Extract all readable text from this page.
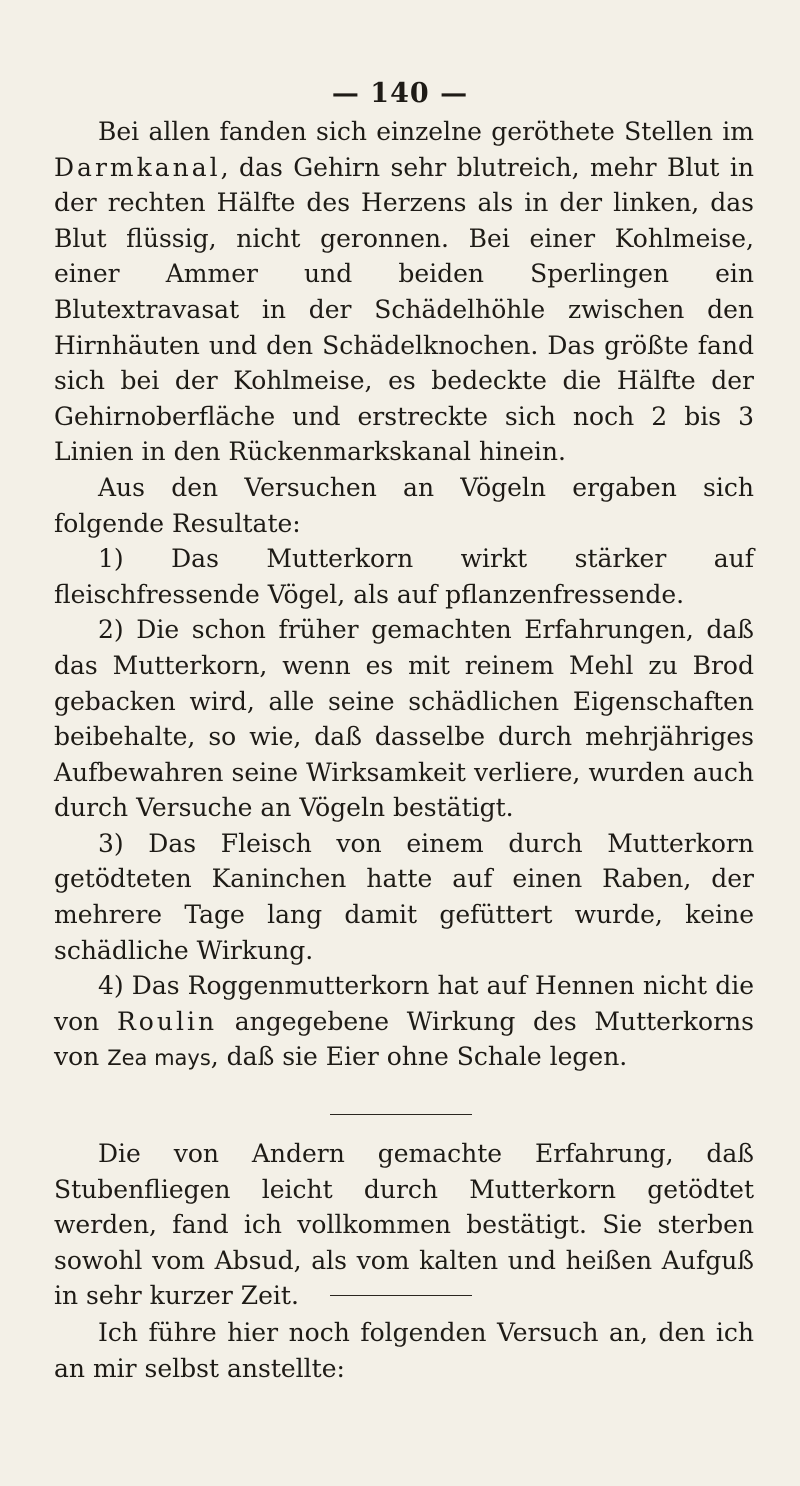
— 140 —

Bei allen fanden sich einzelne geröthete Stellen im Darmkanal, das Gehirn sehr blutreich, mehr Blut in der rechten Hälfte des Herzens als in der linken, das Blut flüssig, nicht geronnen. Bei einer Kohlmeise, einer Ammer und beiden Sperlingen ein Blutextravasat in der Schädelhöhle zwischen den Hirnhäuten und den Schädelknochen. Das größte fand sich bei der Kohlmeise, es bedeckte die Hälfte der Gehirnoberfläche und erstreckte sich noch 2 bis 3 Linien in den Rückenmarkskanal hinein.

Aus den Versuchen an Vögeln ergaben sich folgende Resultate:

1) Das Mutterkorn wirkt stärker auf fleischfressende Vögel, als auf pflanzenfressende.

2) Die schon früher gemachten Erfahrungen, daß das Mutterkorn, wenn es mit reinem Mehl zu Brod gebacken wird, alle seine schädlichen Eigenschaften beibehalte, so wie, daß dasselbe durch mehrjähriges Aufbewahren seine Wirksamkeit verliere, wurden auch durch Versuche an Vögeln bestätigt.

3) Das Fleisch von einem durch Mutterkorn getödteten Kaninchen hatte auf einen Raben, der mehrere Tage lang damit gefüttert wurde, keine schädliche Wirkung.

4) Das Roggenmutterkorn hat auf Hennen nicht die von Roulin angegebene Wirkung des Mutterkorns von Zea mays, daß sie Eier ohne Schale legen.

Die von Andern gemachte Erfahrung, daß Stubenfliegen leicht durch Mutterkorn getödtet werden, fand ich vollkommen bestätigt. Sie sterben sowohl vom Absud, als vom kalten und heißen Aufguß in sehr kurzer Zeit.

Ich führe hier noch folgenden Versuch an, den ich an mir selbst anstellte:
